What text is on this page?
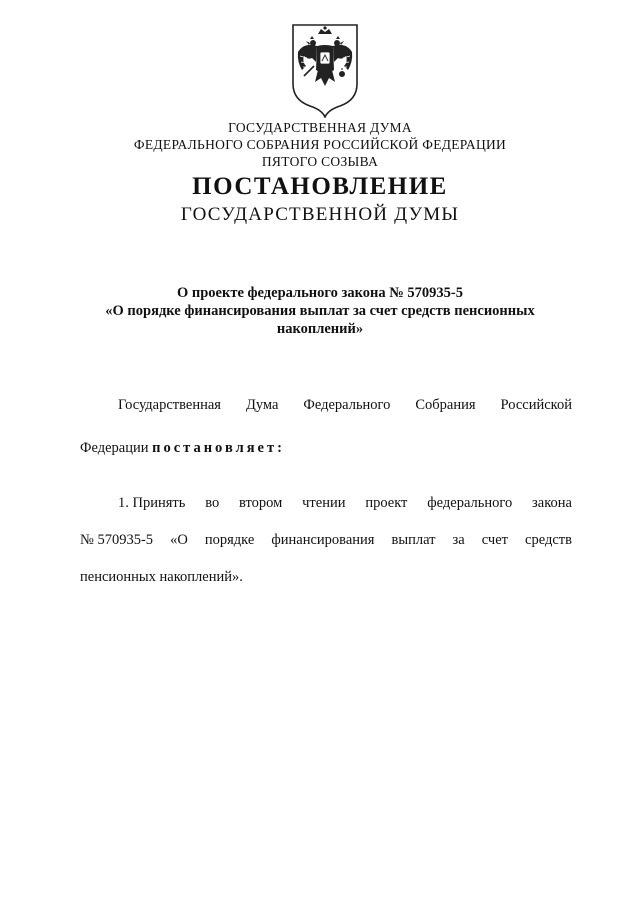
ГОСУДАРСТВЕННАЯ ДУМА
ФЕДЕРАЛЬНОГО СОБРАНИЯ РОССИЙСКОЙ ФЕДЕРАЦИИ
ПЯТОГО СОЗЫВА
ПОСТАНОВЛЕНИЕ
ГОСУДАРСТВЕННОЙ ДУМЫ
О проекте федерального закона № 570935-5
«О порядке финансирования выплат за счет средств пенсионных
накоплений»
Государственная Дума Федерального Собрания Российской
Федерации постановляет:
1. Принять во втором чтении проект федерального закона
№ 570935-5 «О порядке финансирования выплат за счет средств
пенсионных накоплений».
